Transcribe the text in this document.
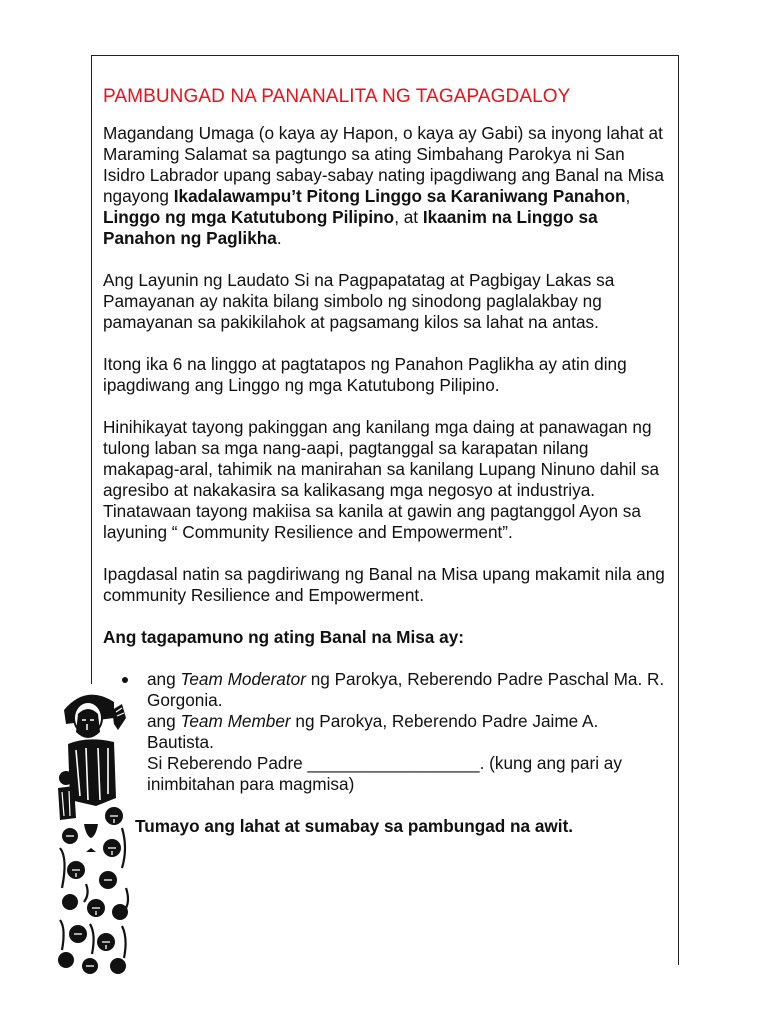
PAMBUNGAD NA PANANALITA NG TAGAPAGDALOY

Magandang Umaga (o kaya ay Hapon, o kaya ay Gabi) sa inyong lahat at Maraming Salamat sa pagtungo sa ating Simbahang Parokya ni San Isidro Labrador upang sabay-sabay nating ipagdiwang ang Banal na Misa ngayong Ikadalawampu’t Pitong Linggo sa Karaniwang Panahon, Linggo ng mga Katutubong Pilipino, at Ikaanim na Linggo sa Panahon ng Paglikha.

Ang Layunin ng Laudato Si na Pagpapatatag at Pagbigay Lakas sa Pamayanan ay nakita bilang simbolo ng sinodong paglalakbay ng pamayanan sa pakikilahok at pagsamang kilos sa lahat na antas.

Itong ika 6 na linggo at pagtatapos ng Panahon Paglikha ay atin ding ipagdiwang ang Linggo ng mga Katutubong Pilipino.

Hinihikayat tayong pakinggan ang kanilang mga daing at panawagan ng tulong laban sa mga nang-aapi, pagtanggal sa karapatan nilang makapag-aral, tahimik na manirahan sa kanilang Lupang Ninuno dahil sa agresibo at nakakasira sa kalikasang mga negosyo at industriya. Tinatawaan tayong makiisa sa kanila at gawin ang pagtanggol Ayon sa layuning “ Community Resilience and Empowerment”.

Ipagdasal natin sa pagdiriwang ng Banal na Misa upang makamit nila ang community Resilience and Empowerment.

Ang tagapamuno ng ating Banal na Misa ay:

ang Team Moderator ng Parokya, Reberendo Padre Paschal Ma. R. Gorgonia.
ang Team Member ng Parokya, Reberendo Padre Jaime A. Bautista.
Si Reberendo Padre __________________. (kung ang pari ay inimbitahan para magmisa)
Tumayo ang lahat at sumabay sa pambungad na awit.
